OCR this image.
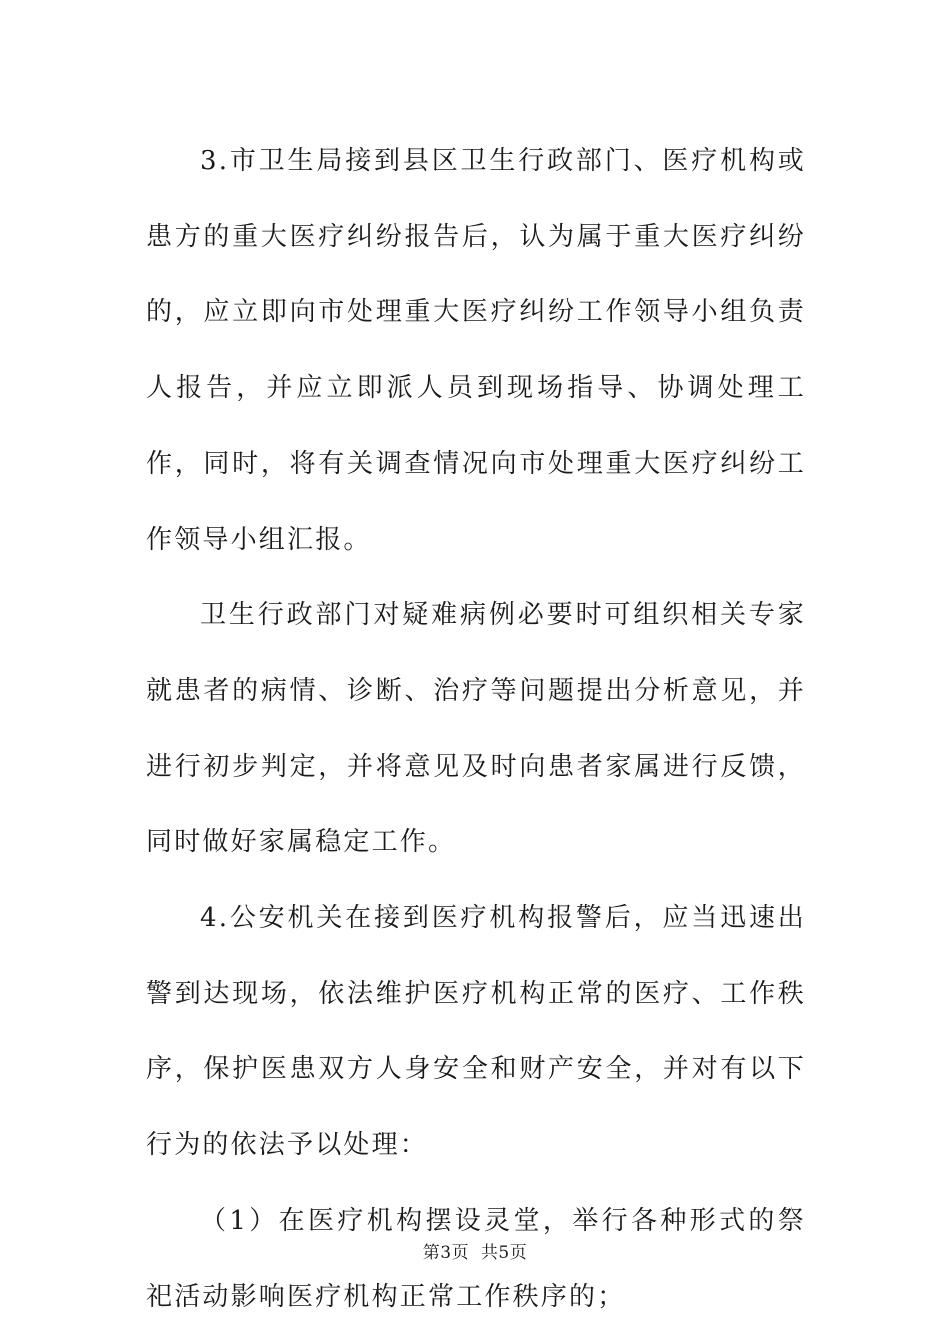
3.市卫生局接到县区卫生行政部门、医疗机构或患方的重大医疗纠纷报告后，认为属于重大医疗纠纷的，应立即向市处理重大医疗纠纷工作领导小组负责人报告，并应立即派人员到现场指导、协调处理工作，同时，将有关调查情况向市处理重大医疗纠纷工作领导小组汇报。

卫生行政部门对疑难病例必要时可组织相关专家就患者的病情、诊断、治疗等问题提出分析意见，并进行初步判定，并将意见及时向患者家属进行反馈，同时做好家属稳定工作。

4.公安机关在接到医疗机构报警后，应当迅速出警到达现场，依法维护医疗机构正常的医疗、工作秩序，保护医患双方人身安全和财产安全，并对有以下行为的依法予以处理：

（1）在医疗机构摆设灵堂，举行各种形式的祭祀活动影响医疗机构正常工作秩序的；

第3页 共5页
